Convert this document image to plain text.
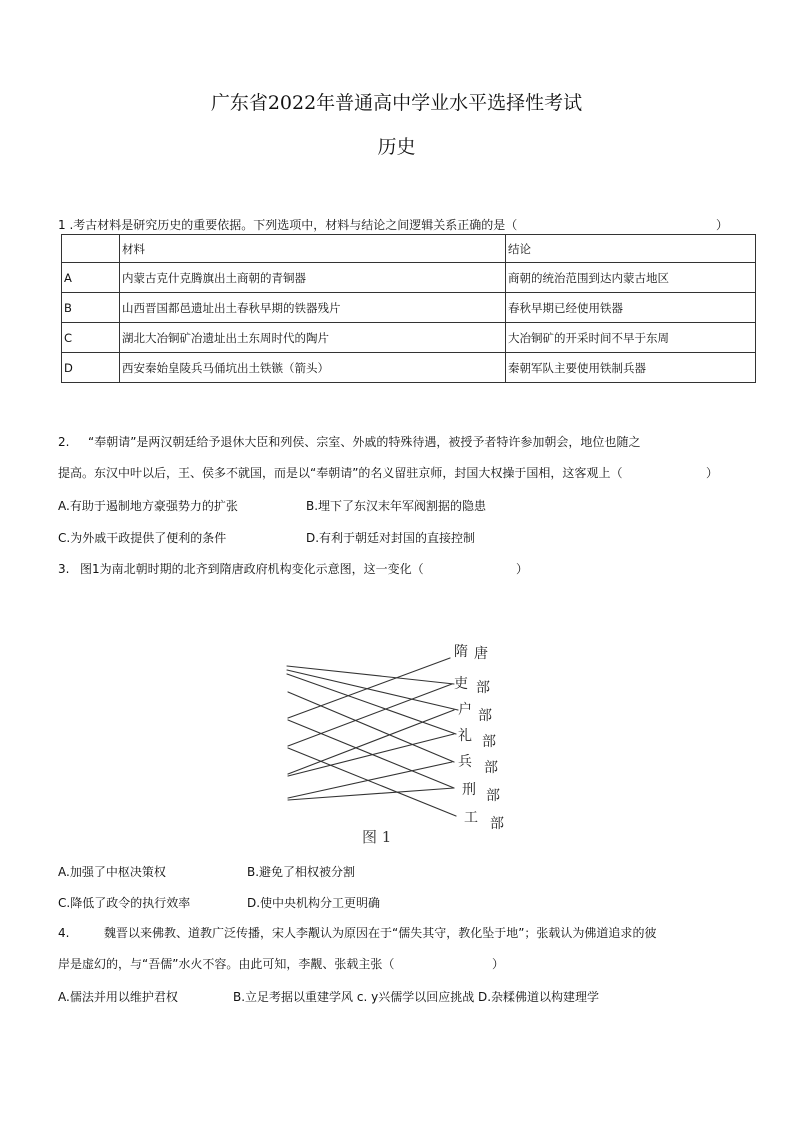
广东省2022年普通高中学业水平选择性考试
历史
1 .考古材料是研究历史的重要依据。下列选项中，材料与结论之间逻辑关系正确的是（	）
	材料	结论
A	内蒙古克什克腾旗出土商朝的青铜器	商朝的统治范围到达内蒙古地区
B	山西晋国都邑遗址出土春秋早期的铁器残片	春秋早期已经使用铁器
C	湖北大冶铜矿冶遗址出土东周时代的陶片	大冶铜矿的开采时间不早于东周
D	西安秦始皇陵兵马俑坑出土铁镞（箭头）	秦朝军队主要使用铁制兵器
2. “奉朝请”是两汉朝廷给予退休大臣和列侯、宗室、外戚的特殊待遇，被授予者特许参加朝会，地位也随之
提高。东汉中叶以后，王、侯多不就国，而是以“奉朝请”的名义留驻京师，封国大权操于国相，这客观上（	）
A.有助于遏制地方豪强势力的扩张	B.埋下了东汉末年军阀割据的隐患
C.为外戚干政提供了便利的条件	D.有利于朝廷对封国的直接控制
3. 图1为南北朝时期的北齐到隋唐政府机构变化示意图，这一变化（	）
隋 唐
吏 部
户 部
礼 部
兵 部
刑 部
工 部
图 1
A.加强了中枢决策权	B.避免了相权被分割
C.降低了政令的执行效率	D.使中央机构分工更明确
4.	魏晋以来佛教、道教广泛传播，宋人李觏认为原因在于“儒失其守，教化坠于地”；张载认为佛道追求的彼
岸是虚幻的，与“吾儒”水火不容。由此可知，李觏、张载主张（	）
A.儒法并用以维护君权	B.立足考据以重建学风 c. y兴儒学以回应挑战 D.杂糅佛道以构建理学
